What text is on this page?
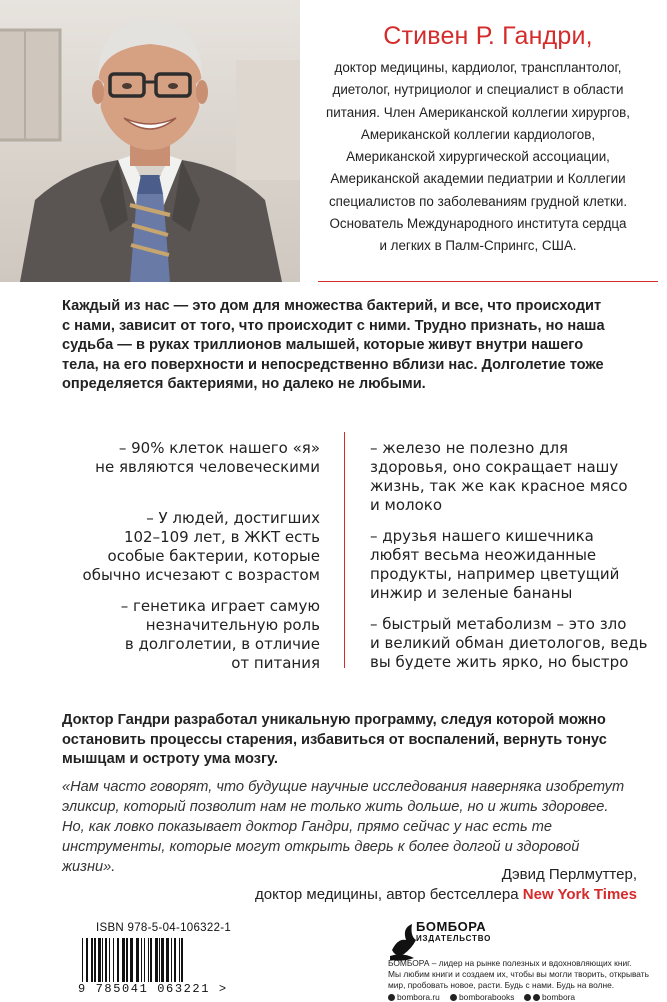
Стивен Р. Гандри,
доктор медицины, кардиолог, трансплантолог,
диетолог, нутрициолог и специалист в области
питания. Член Американской коллегии хирургов,
Американской коллегии кардиологов,
Американской хирургической ассоциации,
Американской академии педиатрии и Коллегии
специалистов по заболеваниям грудной клетки.
Основатель Международного института сердца
и легких в Палм-Спрингс, США.
Каждый из нас — это дом для множества бактерий, и все, что происходит
с нами, зависит от того, что происходит с ними. Трудно признать, но наша
судьба — в руках триллионов малышей, которые живут внутри нашего
тела, на его поверхности и непосредственно вблизи нас. Долголетие тоже
определяется бактериями, но далеко не любыми.
– 90% клеток нашего «я»
не являются человеческими
– У людей, достигших
102–109 лет, в ЖКТ есть
особые бактерии, которые
обычно исчезают с возрастом
– генетика играет самую
незначительную роль
в долголетии, в отличие
от питания
– железо не полезно для
здоровья, оно сокращает нашу
жизнь, так же как красное мясо
и молоко
– друзья нашего кишечника
любят весьма неожиданные
продукты, например цветущий
инжир и зеленые бананы
– быстрый метаболизм – это зло
и великий обман диетологов, ведь
вы будете жить ярко, но быстро
Доктор Гандри разработал уникальную программу, следуя которой можно
остановить процессы старения, избавиться от воспалений, вернуть тонус
мышцам и остроту ума мозгу.
«Нам часто говорят, что будущие научные исследования наверняка изобретут
эликсир, который позволит нам не только жить дольше, но и жить здоровее.
Но, как ловко показывает доктор Гандри, прямо сейчас у нас есть те
инструменты, которые могут открыть дверь к более долгой и здоровой
жизни».	Дэвид Перлмуттер,
доктор медицины, автор бестселлера New York Times
ISBN 978-5-04-106322-1
9 785041 063221 >
БОМБОРА
ИЗДАТЕЛЬСТВО
БОМБОРА – лидер на рынке полезных и вдохновляющих книг.
Мы любим книги и создаем их, чтобы вы могли творить, открывать
мир, пробовать новое, расти. Будь с нами. Будь на волне.
bombora.ru	bomborabooks	bombora
